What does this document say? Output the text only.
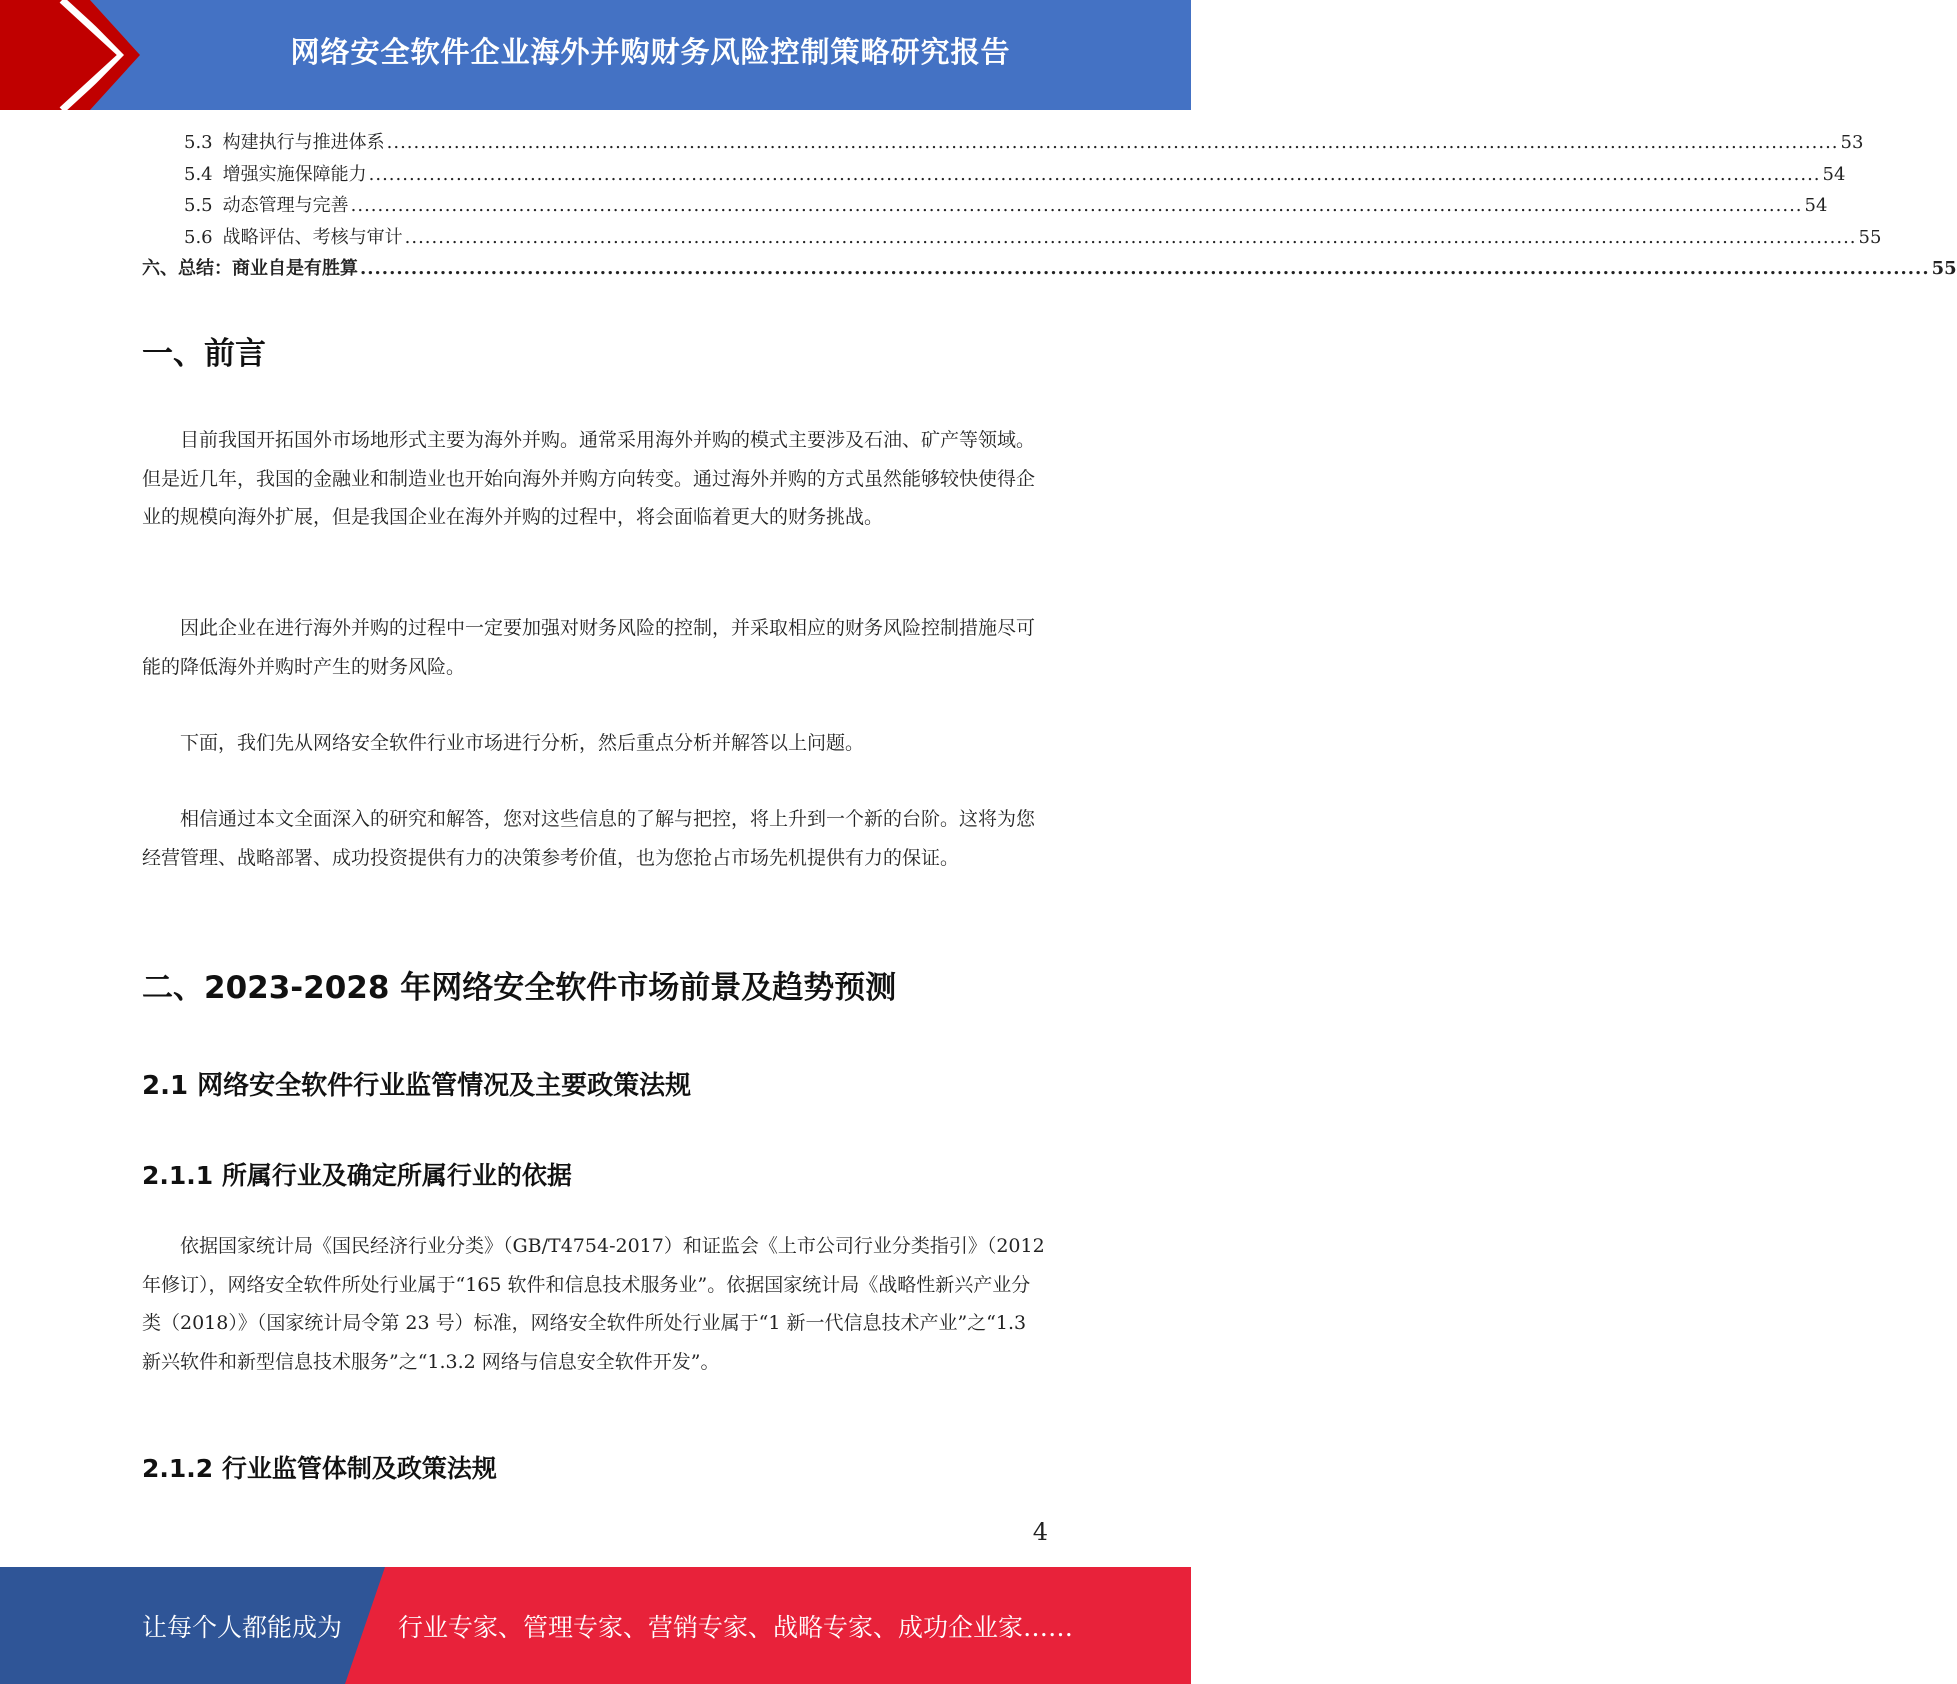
网络安全软件企业海外并购财务风险控制策略研究报告
5.3 构建执行与推进体系 ........................................................................................................................................................................................................................ 53
5.4 增强实施保障能力 ........................................................................................................................................................................................................................ 54
5.5 动态管理与完善 ........................................................................................................................................................................................................................ 54
5.6 战略评估、考核与审计 ........................................................................................................................................................................................................................ 55
六、总结：商业自是有胜算 ........................................................................................................................................................................................................................ 55
一、前言

目前我国开拓国外市场地形式主要为海外并购。通常采用海外并购的模式主要涉及石油、矿产等领域。但是近几年，我国的金融业和制造业也开始向海外并购方向转变。通过海外并购的方式虽然能够较快使得企业的规模向海外扩展，但是我国企业在海外并购的过程中，将会面临着更大的财务挑战。

因此企业在进行海外并购的过程中一定要加强对财务风险的控制，并采取相应的财务风险控制措施尽可能的降低海外并购时产生的财务风险。

下面，我们先从网络安全软件行业市场进行分析，然后重点分析并解答以上问题。

相信通过本文全面深入的研究和解答，您对这些信息的了解与把控，将上升到一个新的台阶。这将为您经营管理、战略部署、成功投资提供有力的决策参考价值，也为您抢占市场先机提供有力的保证。

二、2023-2028 年网络安全软件市场前景及趋势预测
2.1 网络安全软件行业监管情况及主要政策法规
2.1.1 所属行业及确定所属行业的依据

依据国家统计局《国民经济行业分类》（GB/T4754-2017）和证监会《上市公司行业分类指引》（2012 年修订），网络安全软件所处行业属于“165 软件和信息技术服务业”。依据国家统计局《战略性新兴产业分类（2018）》（国家统计局令第 23 号）标准，网络安全软件所处行业属于“1 新一代信息技术产业”之“1.3 新兴软件和新型信息技术服务”之“1.3.2 网络与信息安全软件开发”。

2.1.2 行业监管体制及政策法规
4
让每个人都能成为 行业专家、管理专家、营销专家、战略专家、成功企业家……
